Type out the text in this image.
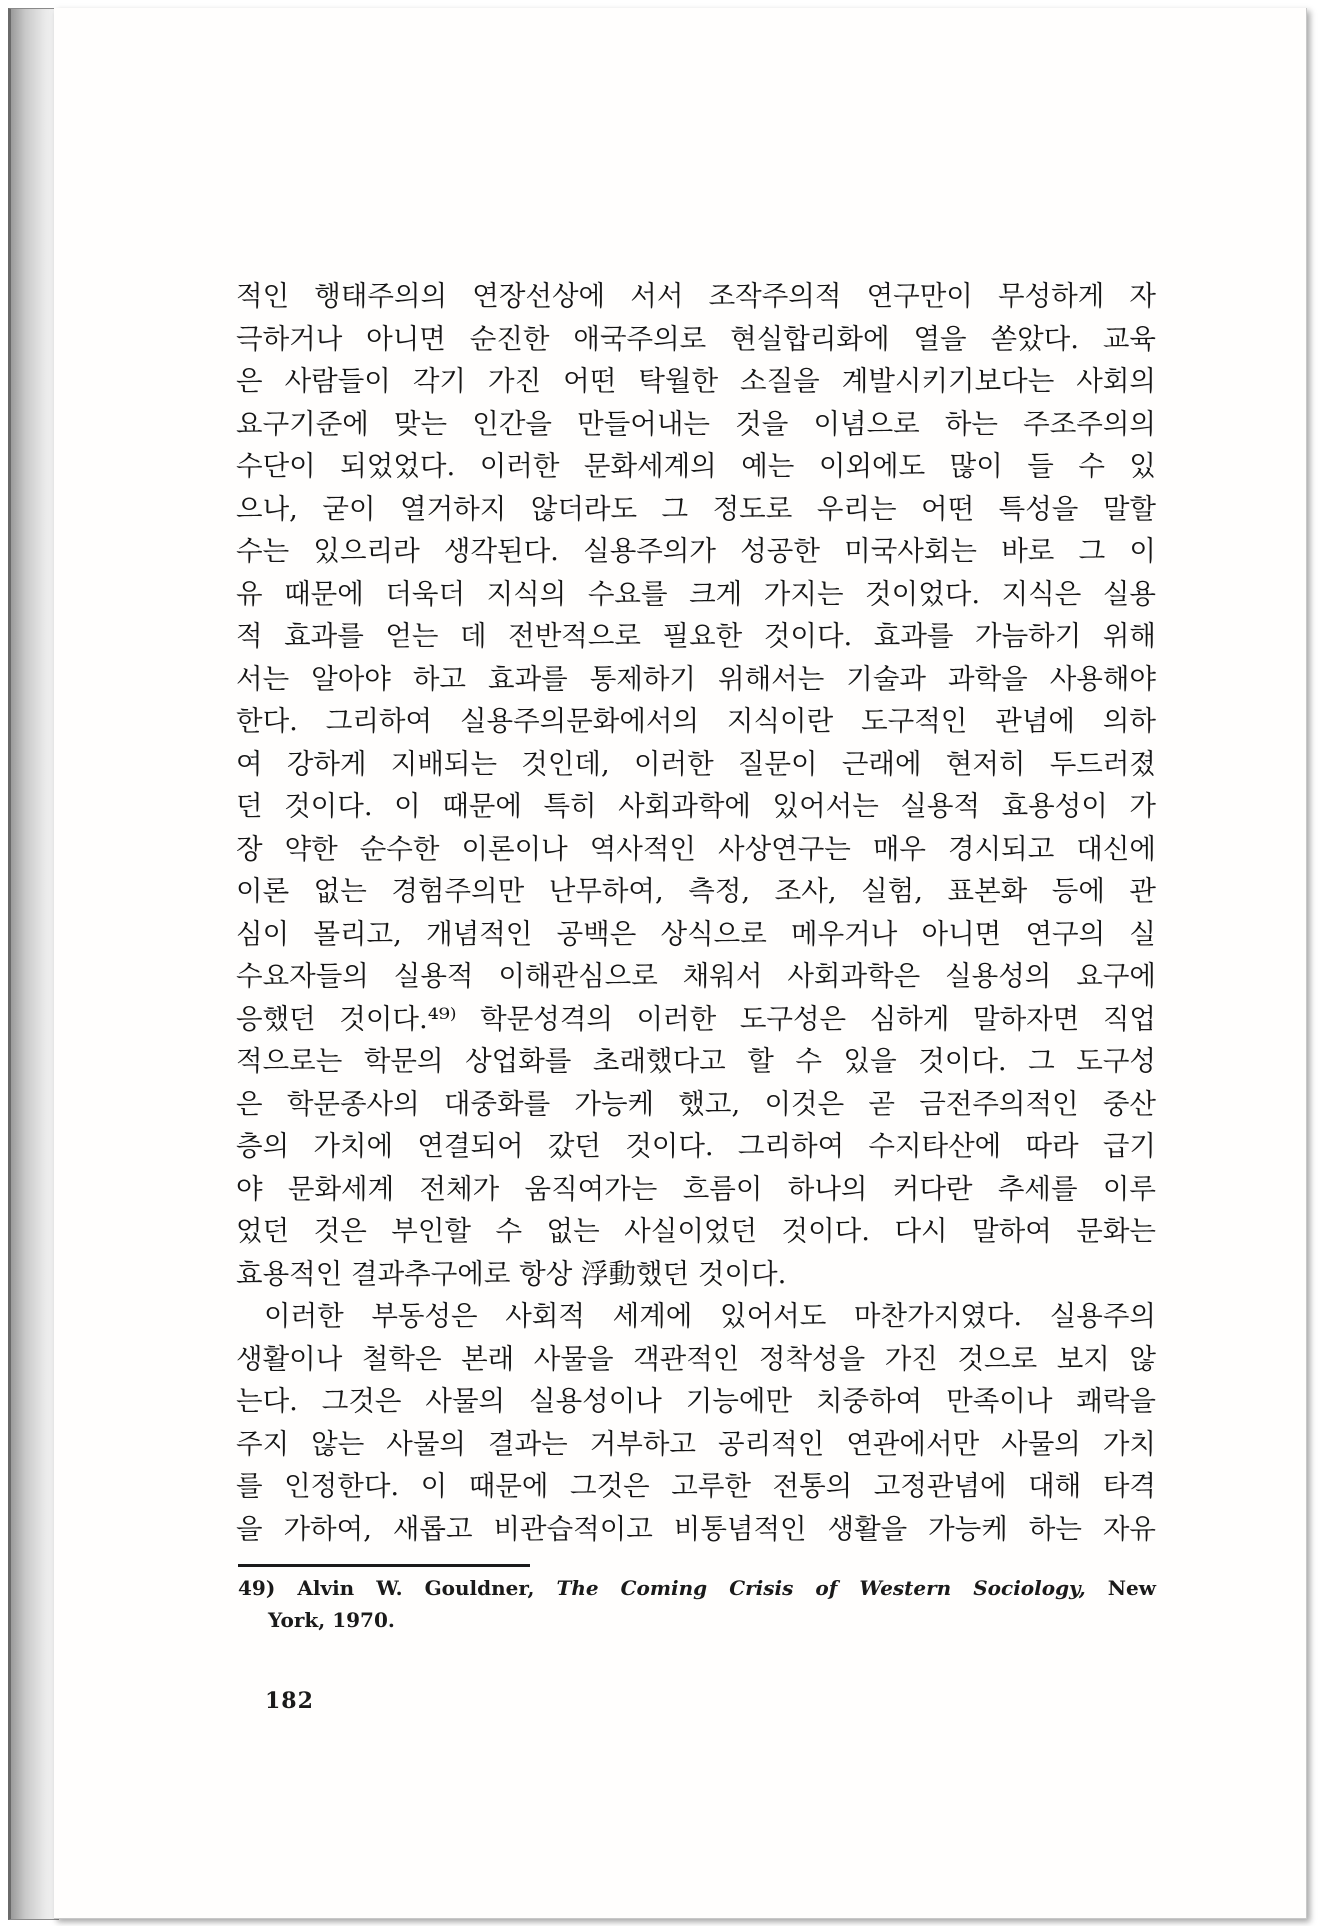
적인 행태주의의 연장선상에 서서 조작주의적 연구만이 무성하게 자
극하거나 아니면 순진한 애국주의로 현실합리화에 열을 쏟았다. 교육
은 사람들이 각기 가진 어떤 탁월한 소질을 계발시키기보다는 사회의
요구기준에 맞는 인간을 만들어내는 것을 이념으로 하는 주조주의의
수단이 되었었다. 이러한 문화세계의 예는 이외에도 많이 들 수 있
으나, 굳이 열거하지 않더라도 그 정도로 우리는 어떤 특성을 말할
수는 있으리라 생각된다. 실용주의가 성공한 미국사회는 바로 그 이
유 때문에 더욱더 지식의 수요를 크게 가지는 것이었다. 지식은 실용
적 효과를 얻는 데 전반적으로 필요한 것이다. 효과를 가늠하기 위해
서는 알아야 하고 효과를 통제하기 위해서는 기술과 과학을 사용해야
한다. 그리하여 실용주의문화에서의 지식이란 도구적인 관념에 의하
여 강하게 지배되는 것인데, 이러한 질문이 근래에 현저히 두드러졌
던 것이다. 이 때문에 특히 사회과학에 있어서는 실용적 효용성이 가
장 약한 순수한 이론이나 역사적인 사상연구는 매우 경시되고 대신에
이론 없는 경험주의만 난무하여, 측정, 조사, 실험, 표본화 등에 관
심이 몰리고, 개념적인 공백은 상식으로 메우거나 아니면 연구의 실
수요자들의 실용적 이해관심으로 채워서 사회과학은 실용성의 요구에
응했던 것이다.⁴⁹⁾ 학문성격의 이러한 도구성은 심하게 말하자면 직업
적으로는 학문의 상업화를 초래했다고 할 수 있을 것이다. 그 도구성
은 학문종사의 대중화를 가능케 했고, 이것은 곧 금전주의적인 중산
층의 가치에 연결되어 갔던 것이다. 그리하여 수지타산에 따라 급기
야 문화세계 전체가 움직여가는 흐름이 하나의 커다란 추세를 이루
었던 것은 부인할 수 없는 사실이었던 것이다. 다시 말하여 문화는
효용적인 결과추구에로 항상 浮動했던 것이다.
이러한 부동성은 사회적 세계에 있어서도 마찬가지였다. 실용주의
생활이나 철학은 본래 사물을 객관적인 정착성을 가진 것으로 보지 않
는다. 그것은 사물의 실용성이나 기능에만 치중하여 만족이나 쾌락을
주지 않는 사물의 결과는 거부하고 공리적인 연관에서만 사물의 가치
를 인정한다. 이 때문에 그것은 고루한 전통의 고정관념에 대해 타격
을 가하여, 새롭고 비관습적이고 비통념적인 생활을 가능케 하는 자유
49) Alvin W. Gouldner, The Coming Crisis of Western Sociology, New
York, 1970.
182
